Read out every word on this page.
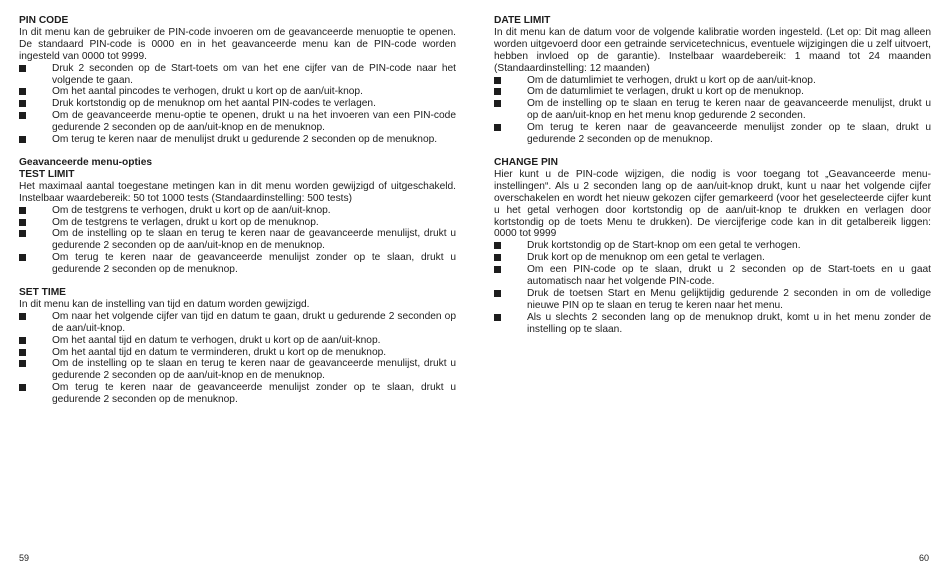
PIN CODE
In dit menu kan de gebruiker de PIN-code invoeren om de geavanceerde menuoptie te openen. De standaard PIN-code is 0000 en in het geavanceerde menu kan de PIN-code worden ingesteld van 0000 tot 9999.
Druk 2 seconden op de Start-toets om van het ene cijfer van de PIN-code naar het volgende te gaan.
Om het aantal pincodes te verhogen, drukt u kort op de aan/uit-knop.
Druk kortstondig op de menuknop om het aantal PIN-codes te verlagen.
Om de geavanceerde menu-optie te openen, drukt u na het invoeren van een PIN-code gedurende 2 seconden op de aan/uit-knop en de menuknop.
Om terug te keren naar de menulijst drukt u gedurende 2 seconden op de menuknop.
Geavanceerde menu-opties
TEST LIMIT
Het maximaal aantal toegestane metingen kan in dit menu worden gewijzigd of uitgeschakeld. Instelbaar waardebereik: 50 tot 1000 tests (Standaardinstelling: 500 tests)
Om de testgrens te verhogen, drukt u kort op de aan/uit-knop.
Om de testgrens te verlagen, drukt u kort op de menuknop.
Om de instelling op te slaan en terug te keren naar de geavanceerde menulijst, drukt u gedurende 2 seconden op de aan/uit-knop en de menuknop.
Om terug te keren naar de geavanceerde menulijst zonder op te slaan, drukt u gedurende 2 seconden op de menuknop.
SET TIME
In dit menu kan de instelling van tijd en datum worden gewijzigd.
Om naar het volgende cijfer van tijd en datum te gaan, drukt u gedurende 2 seconden op de aan/uit-knop.
Om het aantal tijd en datum te verhogen, drukt u kort op de aan/uit-knop.
Om het aantal tijd en datum te verminderen, drukt u kort op de menuknop.
Om de instelling op te slaan en terug te keren naar de geavanceerde menulijst, drukt u gedurende 2 seconden op de aan/uit-knop en de menuknop.
Om terug te keren naar de geavanceerde menulijst zonder op te slaan, drukt u gedurende 2 seconden op de menuknop.
DATE LIMIT
In dit menu kan de datum voor de volgende kalibratie worden ingesteld. (Let op: Dit mag alleen worden uitgevoerd door een getrainde servicetechnicus, eventuele wijzigingen die u zelf uitvoert, hebben invloed op de garantie). Instelbaar waardebereik: 1 maand tot 24 maanden (Standaardinstelling: 12 maanden)
Om de datumlimiet te verhogen, drukt u kort op de aan/uit-knop.
Om de datumlimiet te verlagen, drukt u kort op de menuknop.
Om de instelling op te slaan en terug te keren naar de geavanceerde menulijst, drukt u op de aan/uit-knop en het menu knop gedurende 2 seconden.
Om terug te keren naar de geavanceerde menulijst zonder op te slaan, drukt u gedurende 2 seconden op de menuknop.
CHANGE PIN
Hier kunt u de PIN-code wijzigen, die nodig is voor toegang tot „Geavanceerde menu-instellingen“. Als u 2 seconden lang op de aan/uit-knop drukt, kunt u naar het volgende cijfer overschakelen en wordt het nieuw gekozen cijfer gemarkeerd (voor het geselecteerde cijfer kunt u het getal verhogen door kortstondig op de aan/uit-knop te drukken en verlagen door kortstondig op de toets Menu te drukken). De viercijferige code kan in dit getalbereik liggen: 0000 tot 9999
Druk kortstondig op de Start-knop om een getal te verhogen.
Druk kort op de menuknop om een getal te verlagen.
Om een PIN-code op te slaan, drukt u 2 seconden op de Start-toets en u gaat automatisch naar het volgende PIN-code.
Druk de toetsen Start en Menu gelijktijdig gedurende 2 seconden in om de volledige nieuwe PIN op te slaan en terug te keren naar het menu.
Als u slechts 2 seconden lang op de menuknop drukt, komt u in het menu zonder de instelling op te slaan.
59	60
